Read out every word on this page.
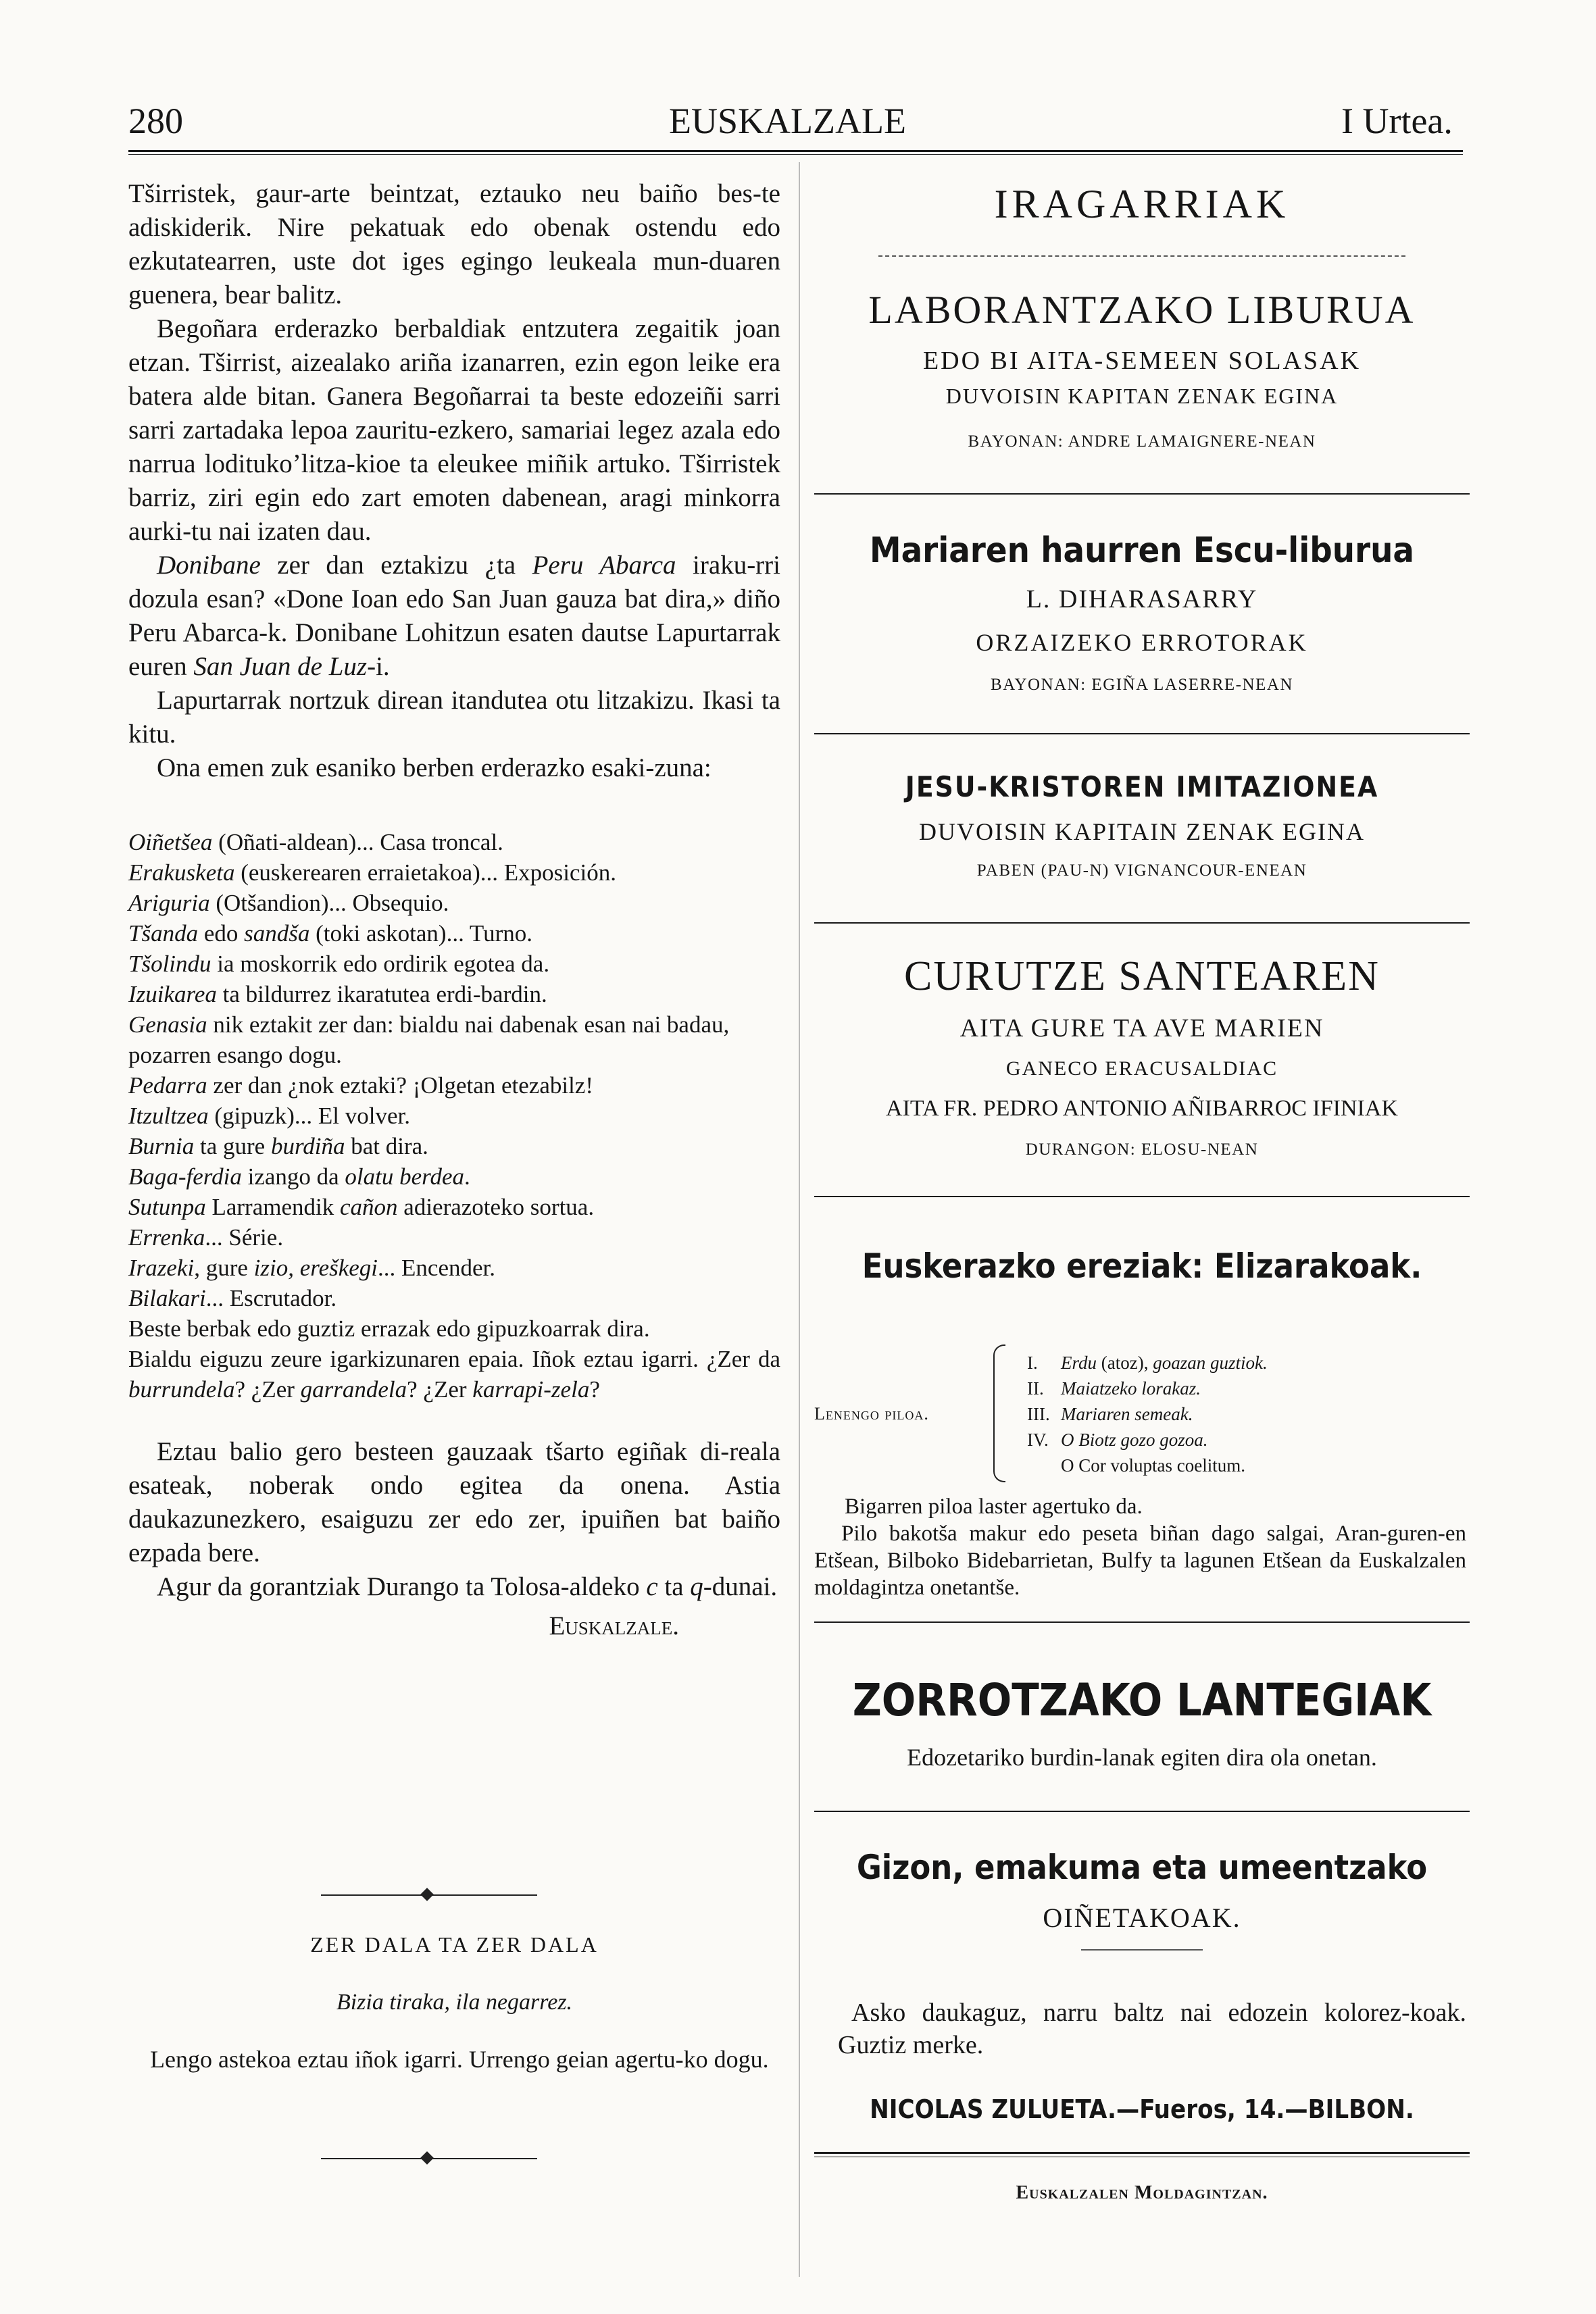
280	EUSKALZALE	I Urtea.

Tširristek, gaur-arte beintzat, eztauko neu baiño bes-te adiskiderik. Nire pekatuak edo obenak ostendu edo ezkutatearren, uste dot iges egingo leukeala mun-duaren guenera, bear balitz.

Begoñara erderazko berbaldiak entzutera zegaitik joan etzan. Tširrist, aizealako ariña izanarren, ezin egon leike era batera alde bitan. Ganera Begoñarrai ta beste edozeiñi sarri sarri zartadaka lepoa zauritu-ezkero, samariai legez azala edo narrua loditukoʼlitza-kioe ta eleukee miñik artuko. Tširristek barriz, ziri egin edo zart emoten dabenean, aragi minkorra aurki-tu nai izaten dau.

Donibane zer dan eztakizu ¿ta Peru Abarca iraku-rri dozula esan? «Done Ioan edo San Juan gauza bat dira,» diño Peru Abarca-k. Donibane Lohitzun esaten dautse Lapurtarrak euren San Juan de Luz-i.

Lapurtarrak nortzuk direan itandutea otu litzakizu. Ikasi ta kitu.

Ona emen zuk esaniko berben erderazko esaki-zuna:

Oiñetšea (Oñati-aldean)... Casa troncal.

Erakusketa (euskerearen erraietakoa)... Exposición.

Ariguria (Otšandion)... Obsequio.

Tšanda edo sandša (toki askotan)... Turno.

Tšolindu ia moskorrik edo ordirik egotea da.

Izuikarea ta bildurrez ikaratutea erdi-bardin.

Genasia nik eztakit zer dan: bialdu nai dabenak esan nai badau, pozarren esango dogu.

Pedarra zer dan ¿nok eztaki? ¡Olgetan etezabilz!

Itzultzea (gipuzk)... El volver.

Burnia ta gure burdiña bat dira.

Baga-ferdia izango da olatu berdea.

Sutunpa Larramendik cañon adierazoteko sortua.

Errenka... Série.

Irazeki, gure izio, ereškegi... Encender.

Bilakari... Escrutador.

Beste berbak edo guztiz errazak edo gipuzkoarrak dira.

Bialdu eiguzu zeure igarkizunaren epaia. Iñok eztau igarri. ¿Zer da burrundela? ¿Zer garrandela? ¿Zer karrapi-zela?

Eztau balio gero besteen gauzaak tšarto egiñak di-reala esateak, noberak ondo egitea da onena. Astia daukazunezkero, esaiguzu zer edo zer, ipuiñen bat baiño ezpada bere.

Agur da gorantziak Durango ta Tolosa-aldeko c ta q-dunai.

Euskalzale.

ZER DALA TA ZER DALA
Bizia tiraka, ila negarrez.
Lengo astekoa eztau iñok igarri. Urrengo geian agertu-ko dogu.
IRAGARRIAK
LABORANTZAKO LIBURUA
EDO BI AITA-SEMEEN SOLASAK
DUVOISIN KAPITAN ZENAK EGINA
BAYONAN: ANDRE LAMAIGNERE-NEAN
Mariaren haurren Escu-liburua
L. DIHARASARRY
ORZAIZEKO ERROTORAK
BAYONAN: EGIÑA LASERRE-NEAN
JESU-KRISTOREN IMITAZIONEA
DUVOISIN KAPITAIN ZENAK EGINA
PABEN (PAU-N) VIGNANCOUR-ENEAN
CURUTZE SANTEAREN
AITA GURE TA AVE MARIEN
GANECO ERACUSALDIAC
AITA FR. PEDRO ANTONIO AÑIBARROC IFINIAK
DURANGON: ELOSU-NEAN
Euskerazko ereziak: Elizarakoak.
Lenengo piloa.
I. Erdu (atoz), goazan guztiok.
II. Maiatzeko lorakaz.
III. Mariaren semeak.
IV. O Biotz gozo gozoa.
O Cor voluptas coelitum.
Bigarren piloa laster agertuko da.
Pilo bakotša makur edo peseta biñan dago salgai, Aran-guren-en Etšean, Bilboko Bidebarrietan, Bulfy ta lagunen Etšean da Euskalzalen moldagintza onetantše.
ZORROTZAKO LANTEGIAK
Edozetariko burdin-lanak egiten dira ola onetan.
Gizon, emakuma eta umeentzako
OIÑETAKOAK.
Asko daukaguz, narru baltz nai edozein kolorez-koak. Guztiz merke.
NICOLAS ZULUETA.—Fueros, 14.—BILBON.
Euskalzalen Moldagintzan.
